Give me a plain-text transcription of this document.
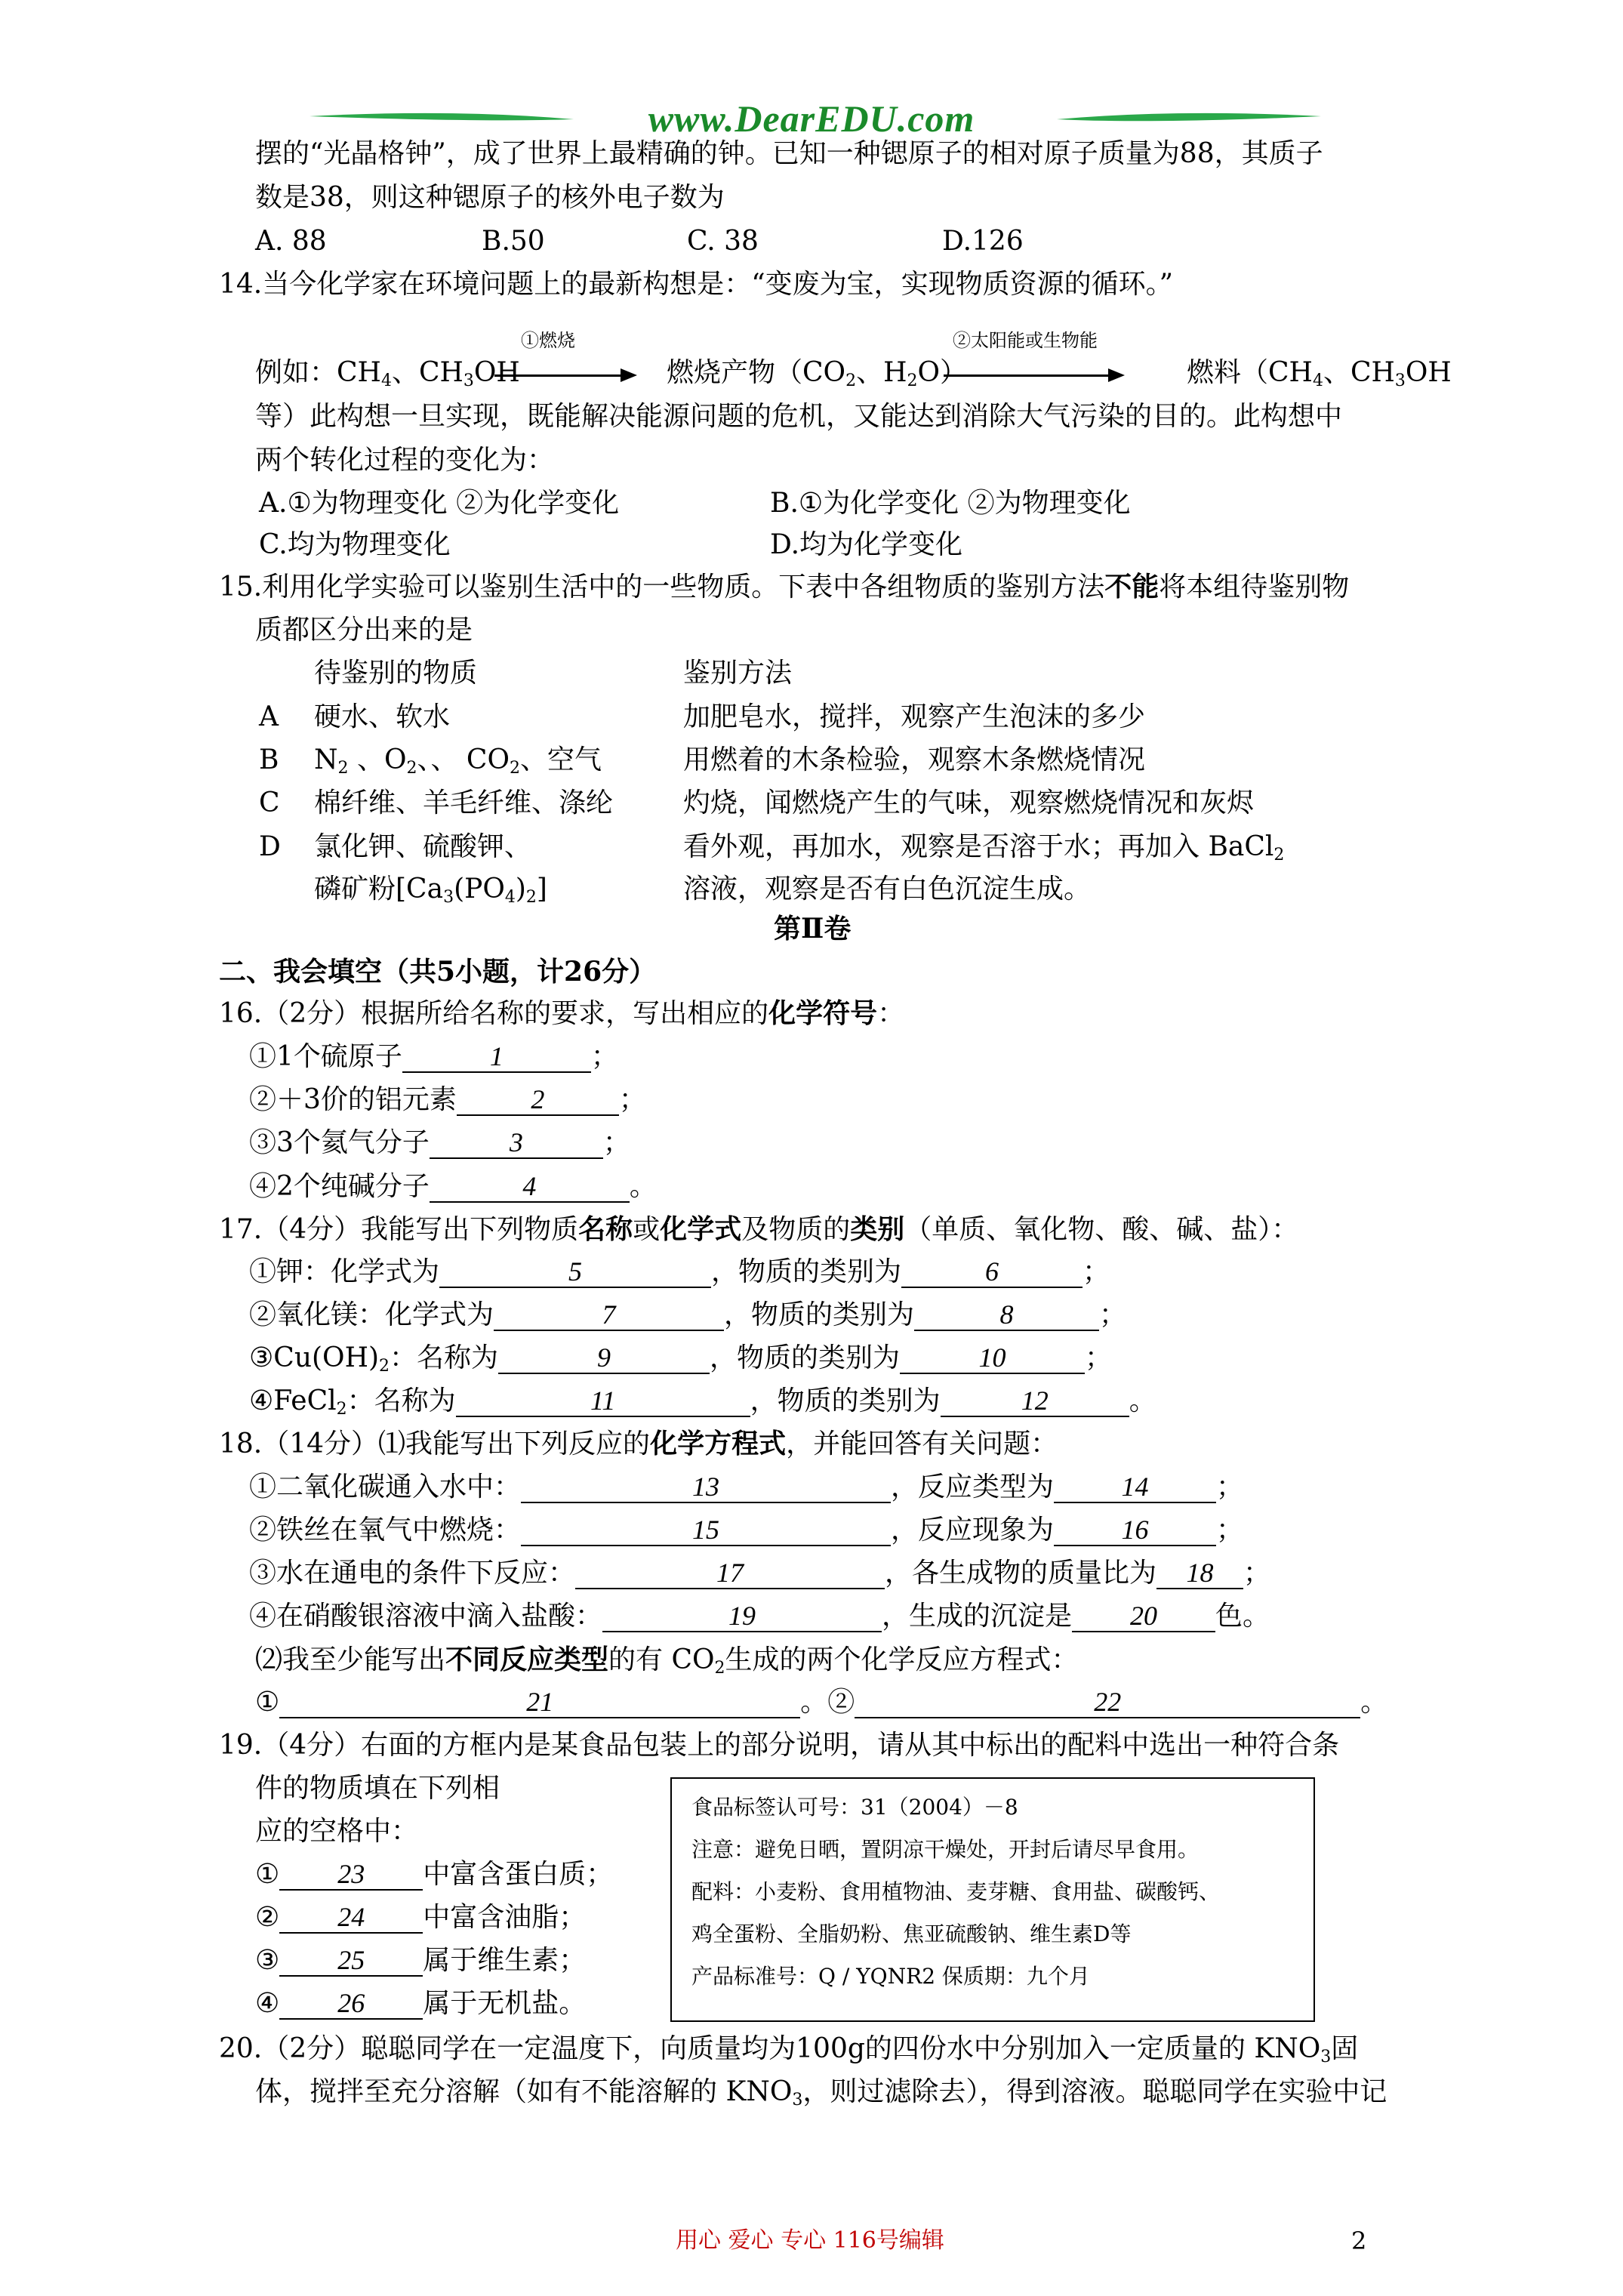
www.DearEDU.com
摆的“光晶格钟”，成了世界上最精确的钟。已知一种锶原子的相对原子质量为88，其质子
数是38，则这种锶原子的核外电子数为
A. 88	B.50	C. 38	D.126
14.当今化学家在环境问题上的最新构想是：“变废为宝，实现物质资源的循环。”
①燃烧	②太阳能或生物能
例如：$CH_4$、$CH_3OH$	燃烧产物（$CO_2$、$H_2O$）	燃料（$CH_4$、$CH_3OH$
等）此构想一旦实现，既能解决能源问题的危机，又能达到消除大气污染的目的。此构想中
两个转化过程的变化为：
A.①为物理变化 ②为化学变化	B.①为化学变化 ②为物理变化
C.均为物理变化	D.均为化学变化
15.利用化学实验可以鉴别生活中的一些物质。下表中各组物质的鉴别方法不能将本组待鉴别物
质都区分出来的是
待鉴别的物质	鉴别方法
A 硬水、软水	加肥皂水，搅拌，观察产生泡沫的多少
B $N_2$ 、$O_2$、、 $CO_2$、空气	用燃着的木条检验，观察木条燃烧情况
C 棉纤维、羊毛纤维、涤纶	灼烧，闻燃烧产生的气味，观察燃烧情况和灰烬
D 氯化钾、硫酸钾、	看外观，再加水，观察是否溶于水；再加入 BaCl$_2$
磷矿粉$[Ca_3(PO_4)_2]$	溶液，观察是否有白色沉淀生成。
第Ⅱ卷
二、我会填空（共5小题，计26分）
16.（2分）根据所给名称的要求，写出相应的化学符号：
①1个硫原子	1	；
②＋3价的铝元素	2	；
③3个氦气分子	3	；
④2个纯碱分子	4	。
17.（4分）我能写出下列物质名称或化学式及物质的类别（单质、氧化物、酸、碱、盐）：
①钾：化学式为	5	，物质的类别为	6	；
②氧化镁：化学式为	7	，物质的类别为	8	；
$③Cu(OH)_2$：名称为	9	，物质的类别为	10	；
④FeCl$_2$：名称为	11	，物质的类别为	12	。
18.（14分）⑴我能写出下列反应的化学方程式，并能回答有关问题：
①二氧化碳通入水中：	13	，反应类型为 14 ；
②铁丝在氧气中燃烧：	15	，反应现象为 16 ；
③水在通电的条件下反应：	17	，各生成物的质量比为 18 ；
④在硝酸银溶液中滴入盐酸：	19	，生成的沉淀是 20 色。
⑵我至少能写出不同反应类型的有 $CO_2$生成的两个化学反应方程式：
①	21	。②	22	。
19.（4分）右面的方框内是某食品包装上的部分说明，请从其中标出的配料中选出一种符合条
件的物质填在下列相
应的空格中：
① 23 中富含蛋白质；
② 24 中富含油脂；
③ 25 属于维生素；
④ 26 属于无机盐。
食品标签认可号：31（2004）－8
注意：避免日晒，置阴凉干燥处，开封后请尽早食用。
配料：小麦粉、食用植物油、麦芽糖、食用盐、碳酸钙、
鸡全蛋粉、全脂奶粉、焦亚硫酸钠、维生素D等
产品标准号：Q / YQNR2 保质期：九个月
20.（2分）聪聪同学在一定温度下，向质量均为100g的四份水中分别加入一定质量的 $KNO_3$固
体，搅拌至充分溶解（如有不能溶解的 $KNO_3$，则过滤除去），得到溶液。聪聪同学在实验中记
用心 爱心 专心 116号编辑	2
